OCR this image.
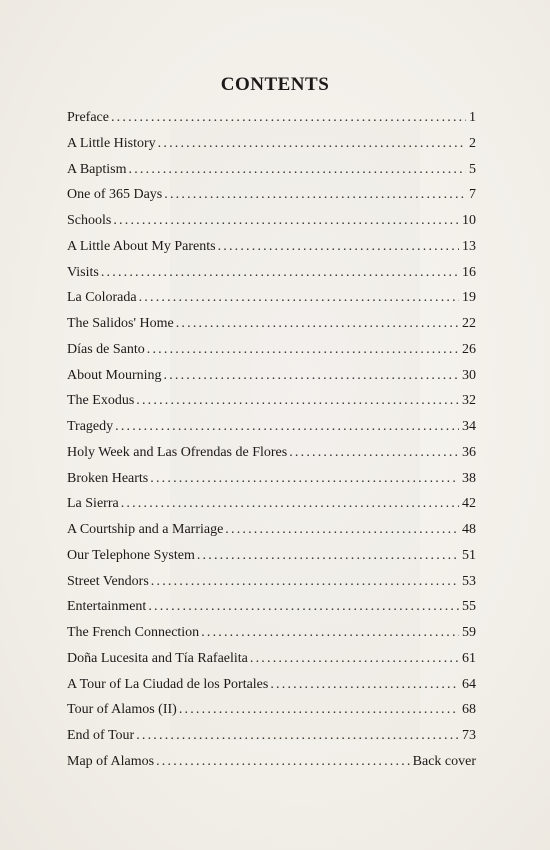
CONTENTS
Preface .....	1
A Little History .....	2
A Baptism .....	5
One of 365 Days .....	7
Schools .....	10
A Little About My Parents .....	13
Visits .....	16
La Colorada .....	19
The Salidos' Home .....	22
Días de Santo .....	26
About Mourning .....	30
The Exodus .....	32
Tragedy .....	34
Holy Week and Las Ofrendas de Flores .....	36
Broken Hearts .....	38
La Sierra .....	42
A Courtship and a Marriage .....	48
Our Telephone System .....	51
Street Vendors .....	53
Entertainment .....	55
The French Connection .....	59
Doña Lucesita and Tía Rafaelita .....	61
A Tour of La Ciudad de los Portales .....	64
Tour of Alamos (II) .....	68
End of Tour .....	73
Map of Alamos .....	Back cover
